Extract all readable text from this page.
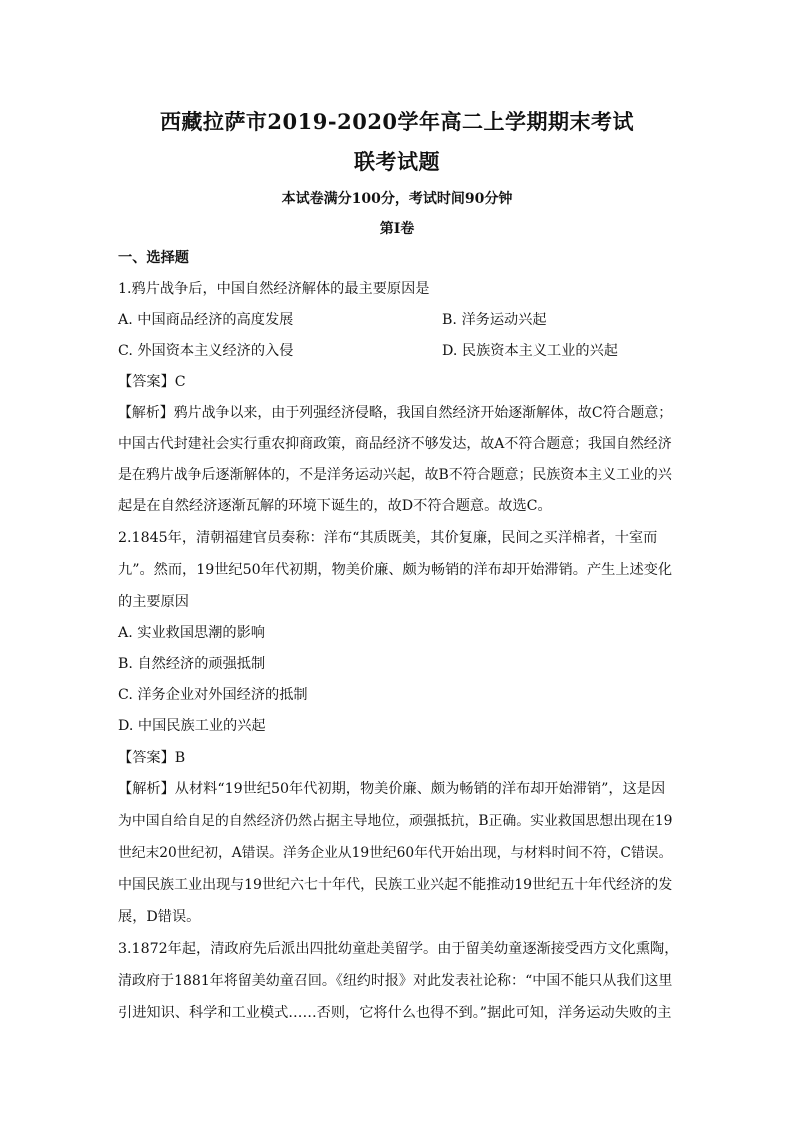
西藏拉萨市2019-2020学年高二上学期期末考试
联考试题
本试卷满分100分，考试时间90分钟
第Ⅰ卷
一、选择题
1.鸦片战争后，中国自然经济解体的最主要原因是
A. 中国商品经济的高度发展	B. 洋务运动兴起
C. 外国资本主义经济的入侵	D. 民族资本主义工业的兴起
【答案】C
【解析】鸦片战争以来，由于列强经济侵略，我国自然经济开始逐渐解体，故C符合题意；
中国古代封建社会实行重农抑商政策，商品经济不够发达，故A不符合题意；我国自然经济
是在鸦片战争后逐渐解体的，不是洋务运动兴起，故B不符合题意；民族资本主义工业的兴
起是在自然经济逐渐瓦解的环境下诞生的，故D不符合题意。故选C。
2.1845年，清朝福建官员奏称：洋布“其质既美，其价复廉，民间之买洋棉者，十室而
九”。然而，19世纪50年代初期，物美价廉、颇为畅销的洋布却开始滞销。产生上述变化
的主要原因
A. 实业救国思潮的影响
B. 自然经济的顽强抵制
C. 洋务企业对外国经济的抵制
D. 中国民族工业的兴起
【答案】B
【解析】从材料“19世纪50年代初期，物美价廉、颇为畅销的洋布却开始滞销”，这是因
为中国自给自足的自然经济仍然占据主导地位，顽强抵抗，B正确。实业救国思想出现在19
世纪末20世纪初，A错误。洋务企业从19世纪60年代开始出现，与材料时间不符，C错误。
中国民族工业出现与19世纪六七十年代，民族工业兴起不能推动19世纪五十年代经济的发
展，D错误。
3.1872年起，清政府先后派出四批幼童赴美留学。由于留美幼童逐渐接受西方文化熏陶，
清政府于1881年将留美幼童召回。《纽约时报》对此发表社论称：“中国不能只从我们这里
引进知识、科学和工业模式……否则，它将什么也得不到。”据此可知，洋务运动失败的主
